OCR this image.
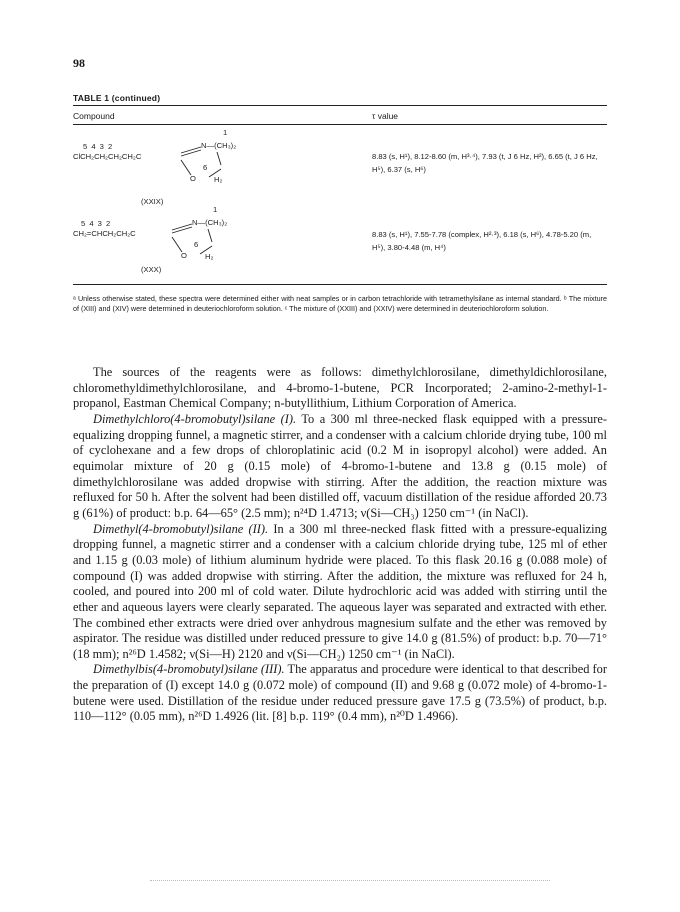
98
TABLE 1 (continued)
Compound	τ value
1
5 4 3 2	N—(CH₃)₂
ClCH₂CH₂CH₂CH₂C
6
O H₂
(XXIX)
8.83 (s, H¹), 8.12-8.60 (m, H³·⁴), 7.93 (t, J 6 Hz, H²), 6.65 (t, J 6 Hz, H⁵), 6.37 (s, H⁶)
1
5 4 3 2	N—(CH₃)₂
CH₂=CHCH₂CH₂C
6
O H₂
(XXX)
8.83 (s, H¹), 7.55-7.78 (complex, H²·³), 6.18 (s, H⁶), 4.78-5.20 (m, H⁵), 3.80-4.48 (m, H⁴)
ᵃ Unless otherwise stated, these spectra were determined either with neat samples or in carbon tetrachloride with tetramethylsilane as internal standard. ᵇ The mixture of (XIII) and (XIV) were determined in deuteriochloroform solution. ᶜ The mixture of (XXIII) and (XXIV) were determined in deuteriochloroform solution.

The sources of the reagents were as follows: dimethylchlorosilane, dimethyldichlorosilane, chloromethyldimethylchlorosilane, and 4-bromo-1-butene, PCR Incorporated; 2-amino-2-methyl-1-propanol, Eastman Chemical Company; n-butyllithium, Lithium Corporation of America.

Dimethylchloro(4-bromobutyl)silane (I). To a 300 ml three-necked flask equipped with a pressure-equalizing dropping funnel, a magnetic stirrer, and a condenser with a calcium chloride drying tube, 100 ml of cyclohexane and a few drops of chloroplatinic acid (0.2 M in isopropyl alcohol) were added. An equimolar mixture of 20 g (0.15 mole) of 4-bromo-1-butene and 13.8 g (0.15 mole) of dimethylchlorosilane was added dropwise with stirring. After the addition, the reaction mixture was refluxed for 50 h. After the solvent had been distilled off, vacuum distillation of the residue afforded 20.73 g (61%) of product: b.p. 64—65° (2.5 mm); n²⁴D 1.4713; ν(Si—CH₃) 1250 cm⁻¹ (in NaCl).

Dimethyl(4-bromobutyl)silane (II). In a 300 ml three-necked flask fitted with a pressure-equalizing dropping funnel, a magnetic stirrer and a condenser with a calcium chloride drying tube, 125 ml of ether and 1.15 g (0.03 mole) of lithium aluminum hydride were placed. To this flask 20.16 g (0.088 mole) of compound (I) was added dropwise with stirring. After the addition, the mixture was refluxed for 24 h, cooled, and poured into 200 ml of cold water. Dilute hydrochloric acid was added with stirring until the ether and aqueous layers were clearly separated. The aqueous layer was separated and extracted with ether. The combined ether extracts were dried over anhydrous magnesium sulfate and the ether was removed by aspirator. The residue was distilled under reduced pressure to give 14.0 g (81.5%) of product: b.p. 70—71° (18 mm); n²⁶D 1.4582; ν(Si—H) 2120 and ν(Si—CH₂) 1250 cm⁻¹ (in NaCl).

Dimethylbis(4-bromobutyl)silane (III). The apparatus and procedure were identical to that described for the preparation of (I) except 14.0 g (0.072 mole) of compound (II) and 9.68 g (0.072 mole) of 4-bromo-1-butene were used. Distillation of the residue under reduced pressure gave 17.5 g (73.5%) of product, b.p. 110—112° (0.05 mm), n²⁶D 1.4926 (lit. [8] b.p. 119° (0.4 mm), n²⁰D 1.4966).
